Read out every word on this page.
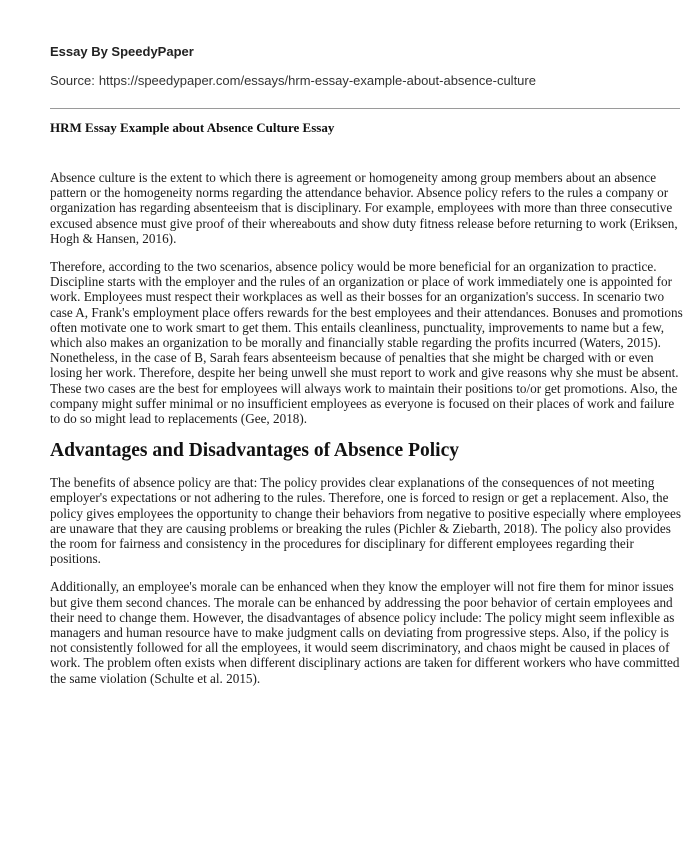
Essay By SpeedyPaper
Source: https://speedypaper.com/essays/hrm-essay-example-about-absence-culture
HRM Essay Example about Absence Culture Essay

Absence culture is the extent to which there is agreement or homogeneity among group members about an absence pattern or the homogeneity norms regarding the attendance behavior. Absence policy refers to the rules a company or organization has regarding absenteeism that is disciplinary. For example, employees with more than three consecutive excused absence must give proof of their whereabouts and show duty fitness release before returning to work (Eriksen, Hogh & Hansen, 2016).

Therefore, according to the two scenarios, absence policy would be more beneficial for an organization to practice. Discipline starts with the employer and the rules of an organization or place of work immediately one is appointed for work. Employees must respect their workplaces as well as their bosses for an organization's success. In scenario two case A, Frank's employment place offers rewards for the best employees and their attendances. Bonuses and promotions often motivate one to work smart to get them. This entails cleanliness, punctuality, improvements to name but a few, which also makes an organization to be morally and financially stable regarding the profits incurred (Waters, 2015). Nonetheless, in the case of B, Sarah fears absenteeism because of penalties that she might be charged with or even losing her work. Therefore, despite her being unwell she must report to work and give reasons why she must be absent. These two cases are the best for employees will always work to maintain their positions to/or get promotions. Also, the company might suffer minimal or no insufficient employees as everyone is focused on their places of work and failure to do so might lead to replacements (Gee, 2018).

Advantages and Disadvantages of Absence Policy

The benefits of absence policy are that: The policy provides clear explanations of the consequences of not meeting employer's expectations or not adhering to the rules. Therefore, one is forced to resign or get a replacement. Also, the policy gives employees the opportunity to change their behaviors from negative to positive especially where employees are unaware that they are causing problems or breaking the rules (Pichler & Ziebarth, 2018). The policy also provides the room for fairness and consistency in the procedures for disciplinary for different employees regarding their positions.

Additionally, an employee's morale can be enhanced when they know the employer will not fire them for minor issues but give them second chances. The morale can be enhanced by addressing the poor behavior of certain employees and their need to change them. However, the disadvantages of absence policy include: The policy might seem inflexible as managers and human resource have to make judgment calls on deviating from progressive steps. Also, if the policy is not consistently followed for all the employees, it would seem discriminatory, and chaos might be caused in places of work. The problem often exists when different disciplinary actions are taken for different workers who have committed the same violation (Schulte et al. 2015).
